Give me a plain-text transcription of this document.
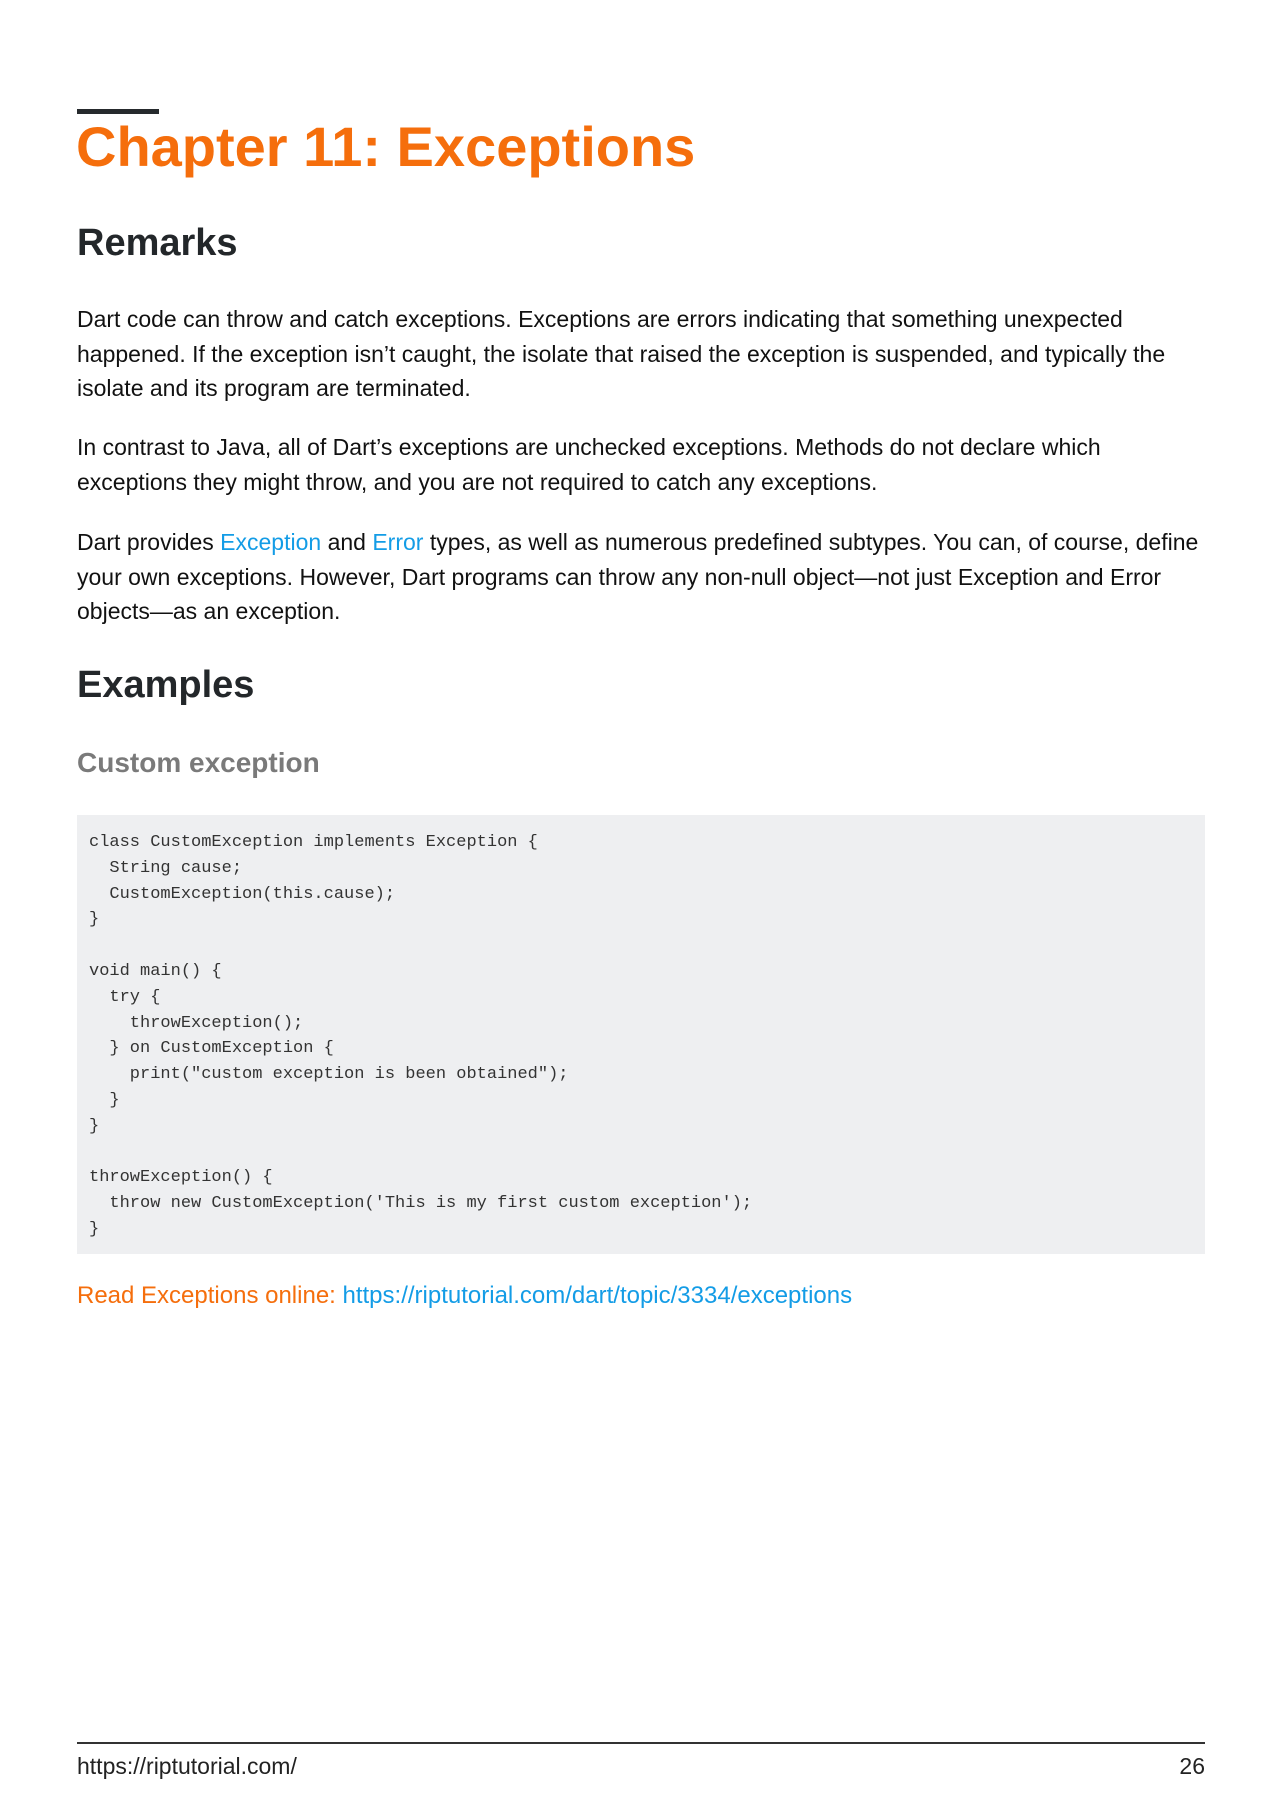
Chapter 11: Exceptions
Remarks
Dart code can throw and catch exceptions. Exceptions are errors indicating that something unexpected happened. If the exception isn’t caught, the isolate that raised the exception is suspended, and typically the isolate and its program are terminated.
In contrast to Java, all of Dart’s exceptions are unchecked exceptions. Methods do not declare which exceptions they might throw, and you are not required to catch any exceptions.
Dart provides Exception and Error types, as well as numerous predefined subtypes. You can, of course, define your own exceptions. However, Dart programs can throw any non-null object—not just Exception and Error objects—as an exception.
Examples
Custom exception
class CustomException implements Exception {
String cause;
CustomException(this.cause);
}

void main() {
try {
throwException();
} on CustomException {
print("custom exception is been obtained");
}
}

throwException() {
throw new CustomException('This is my first custom exception');
}
Read Exceptions online: https://riptutorial.com/dart/topic/3334/exceptions
https://riptutorial.com/	26
